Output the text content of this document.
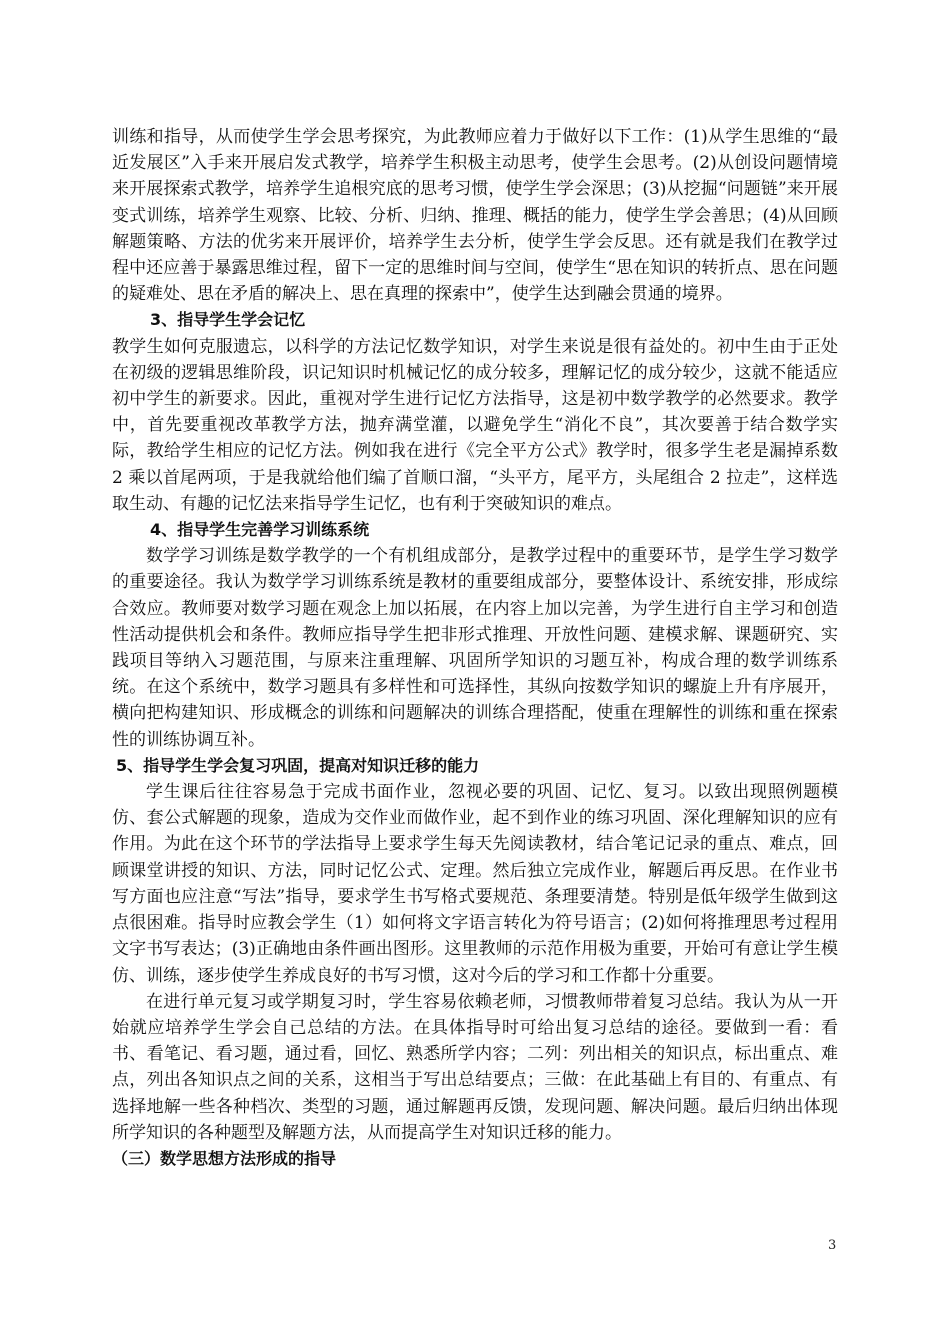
训练和指导，从而使学生学会思考探究，为此教师应着力于做好以下工作：(1)从学生思维的“最近发展区”入手来开展启发式教学，培养学生积极主动思考，使学生会思考。(2)从创设问题情境来开展探索式教学，培养学生追根究底的思考习惯，使学生学会深思；(3)从挖掘“问题链”来开展变式训练，培养学生观察、比较、分析、归纳、推理、概括的能力，使学生学会善思；(4)从回顾解题策略、方法的优劣来开展评价，培养学生去分析，使学生学会反思。还有就是我们在教学过程中还应善于暴露思维过程，留下一定的思维时间与空间，使学生“思在知识的转折点、思在问题的疑难处、思在矛盾的解决上、思在真理的探索中”，使学生达到融会贯通的境界。

3、指导学生学会记忆

教学生如何克服遗忘，以科学的方法记忆数学知识，对学生来说是很有益处的。初中生由于正处在初级的逻辑思维阶段，识记知识时机械记忆的成分较多，理解记忆的成分较少，这就不能适应初中学生的新要求。因此，重视对学生进行记忆方法指导，这是初中数学教学的必然要求。教学中，首先要重视改革教学方法，抛弃满堂灌，以避免学生“消化不良”，其次要善于结合数学实际，教给学生相应的记忆方法。例如我在进行《完全平方公式》教学时，很多学生老是漏掉系数 2 乘以首尾两项，于是我就给他们编了首顺口溜，“头平方，尾平方，头尾组合 2 拉走”，这样选取生动、有趣的记忆法来指导学生记忆，也有利于突破知识的难点。

4、指导学生完善学习训练系统

数学学习训练是数学教学的一个有机组成部分，是教学过程中的重要环节，是学生学习数学的重要途径。我认为数学学习训练系统是教材的重要组成部分，要整体设计、系统安排，形成综合效应。教师要对数学习题在观念上加以拓展，在内容上加以完善，为学生进行自主学习和创造性活动提供机会和条件。教师应指导学生把非形式推理、开放性问题、建模求解、课题研究、实践项目等纳入习题范围，与原来注重理解、巩固所学知识的习题互补，构成合理的数学训练系统。在这个系统中，数学习题具有多样性和可选择性，其纵向按数学知识的螺旋上升有序展开，横向把构建知识、形成概念的训练和问题解决的训练合理搭配，使重在理解性的训练和重在探索性的训练协调互补。

5、指导学生学会复习巩固，提高对知识迁移的能力

学生课后往往容易急于完成书面作业，忽视必要的巩固、记忆、复习。以致出现照例题模仿、套公式解题的现象，造成为交作业而做作业，起不到作业的练习巩固、深化理解知识的应有作用。为此在这个环节的学法指导上要求学生每天先阅读教材，结合笔记记录的重点、难点，回顾课堂讲授的知识、方法，同时记忆公式、定理。然后独立完成作业，解题后再反思。在作业书写方面也应注意“写法”指导，要求学生书写格式要规范、条理要清楚。特别是低年级学生做到这点很困难。指导时应教会学生（1）如何将文字语言转化为符号语言；(2)如何将推理思考过程用文字书写表达；(3)正确地由条件画出图形。这里教师的示范作用极为重要，开始可有意让学生模仿、训练，逐步使学生养成良好的书写习惯，这对今后的学习和工作都十分重要。

在进行单元复习或学期复习时，学生容易依赖老师，习惯教师带着复习总结。我认为从一开始就应培养学生学会自己总结的方法。在具体指导时可给出复习总结的途径。要做到一看：看书、看笔记、看习题，通过看，回忆、熟悉所学内容；二列：列出相关的知识点，标出重点、难点，列出各知识点之间的关系，这相当于写出总结要点；三做：在此基础上有目的、有重点、有选择地解一些各种档次、类型的习题，通过解题再反馈，发现问题、解决问题。最后归纳出体现所学知识的各种题型及解题方法，从而提高学生对知识迁移的能力。

（三）数学思想方法形成的指导

3
